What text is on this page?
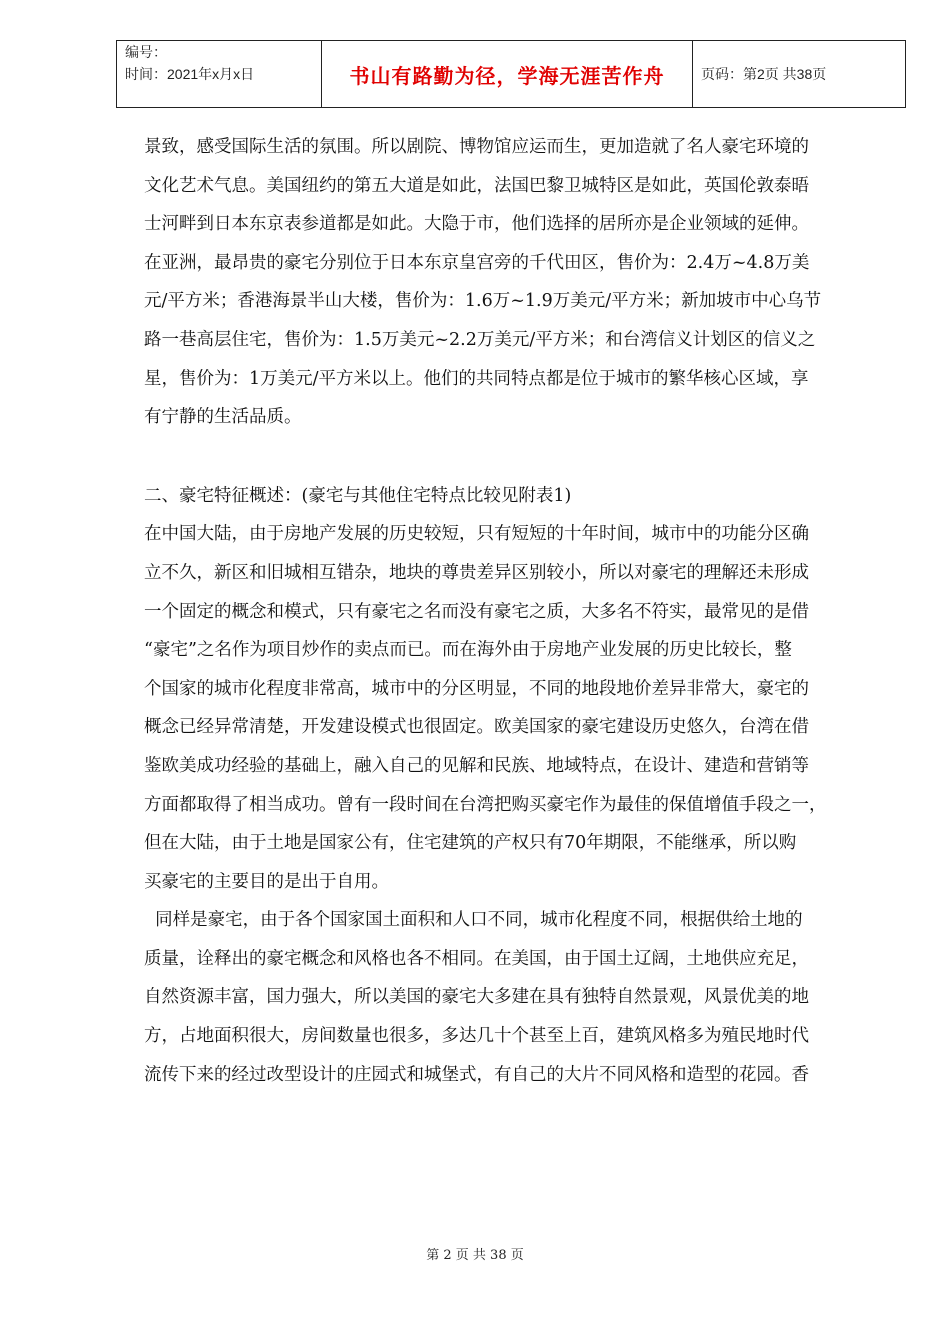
编号：
时间：2021年x月x日	书山有路勤为径，学海无涯苦作舟	页码：第2页 共38页
景致，感受国际生活的氛围。所以剧院、博物馆应运而生，更加造就了名人豪宅环境的
文化艺术气息。美国纽约的第五大道是如此，法国巴黎卫城特区是如此，英国伦敦泰晤
士河畔到日本东京表参道都是如此。大隐于市，他们选择的居所亦是企业领域的延伸。
在亚洲，最昂贵的豪宅分别位于日本东京皇宫旁的千代田区，售价为：2.4万~4.8万美
元/平方米；香港海景半山大楼，售价为：1.6万~1.9万美元/平方米；新加坡市中心乌节
路一巷高层住宅，售价为：1.5万美元~2.2万美元/平方米；和台湾信义计划区的信义之
星，售价为：1万美元/平方米以上。他们的共同特点都是位于城市的繁华核心区域，享
有宁静的生活品质。
二、豪宅特征概述：(豪宅与其他住宅特点比较见附表1)
在中国大陆，由于房地产发展的历史较短，只有短短的十年时间，城市中的功能分区确
立不久，新区和旧城相互错杂，地块的尊贵差异区别较小，所以对豪宅的理解还未形成
一个固定的概念和模式，只有豪宅之名而没有豪宅之质，大多名不符实，最常见的是借
“豪宅”之名作为项目炒作的卖点而已。而在海外由于房地产业发展的历史比较长，整
个国家的城市化程度非常高，城市中的分区明显，不同的地段地价差异非常大，豪宅的
概念已经异常清楚，开发建设模式也很固定。欧美国家的豪宅建设历史悠久，台湾在借
鉴欧美成功经验的基础上，融入自己的见解和民族、地域特点，在设计、建造和营销等
方面都取得了相当成功。曾有一段时间在台湾把购买豪宅作为最佳的保值增值手段之一，
但在大陆，由于土地是国家公有，住宅建筑的产权只有70年期限，不能继承，所以购
买豪宅的主要目的是出于自用。
同样是豪宅，由于各个国家国土面积和人口不同，城市化程度不同，根据供给土地的
质量，诠释出的豪宅概念和风格也各不相同。在美国，由于国土辽阔，土地供应充足，
自然资源丰富，国力强大，所以美国的豪宅大多建在具有独特自然景观，风景优美的地
方，占地面积很大，房间数量也很多，多达几十个甚至上百，建筑风格多为殖民地时代
流传下来的经过改型设计的庄园式和城堡式，有自己的大片不同风格和造型的花园。香
第 2 页 共 38 页
